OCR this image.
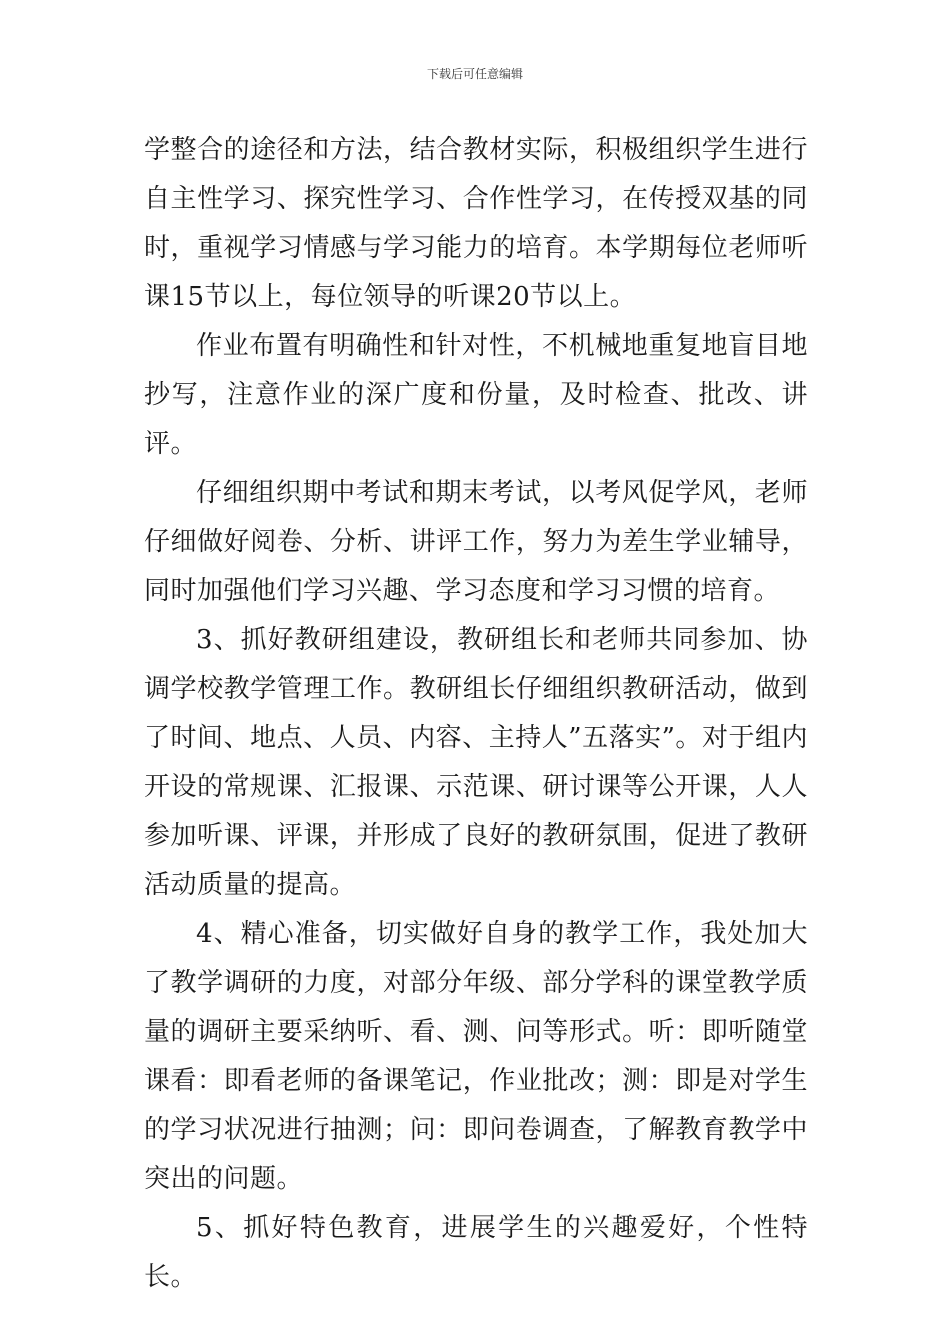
下载后可任意编辑

学整合的途径和方法，结合教材实际，积极组织学生进行自主性学习、探究性学习、合作性学习，在传授双基的同时，重视学习情感与学习能力的培育。本学期每位老师听课15节以上，每位领导的听课20节以上。

作业布置有明确性和针对性，不机械地重复地盲目地抄写，注意作业的深广度和份量，及时检查、批改、讲评。

仔细组织期中考试和期末考试，以考风促学风，老师仔细做好阅卷、分析、讲评工作，努力为差生学业辅导，同时加强他们学习兴趣、学习态度和学习习惯的培育。

3、抓好教研组建设，教研组长和老师共同参加、协调学校教学管理工作。教研组长仔细组织教研活动，做到了时间、地点、人员、内容、主持人”五落实”。对于组内开设的常规课、汇报课、示范课、研讨课等公开课，人人参加听课、评课，并形成了良好的教研氛围，促进了教研活动质量的提高。

4、精心准备，切实做好自身的教学工作，我处加大了教学调研的力度，对部分年级、部分学科的课堂教学质量的调研主要采纳听、看、测、问等形式。听：即听随堂课看：即看老师的备课笔记，作业批改；测：即是对学生的学习状况进行抽测；问：即问卷调查，了解教育教学中突出的问题。

5、抓好特色教育，进展学生的兴趣爱好，个性特长。
